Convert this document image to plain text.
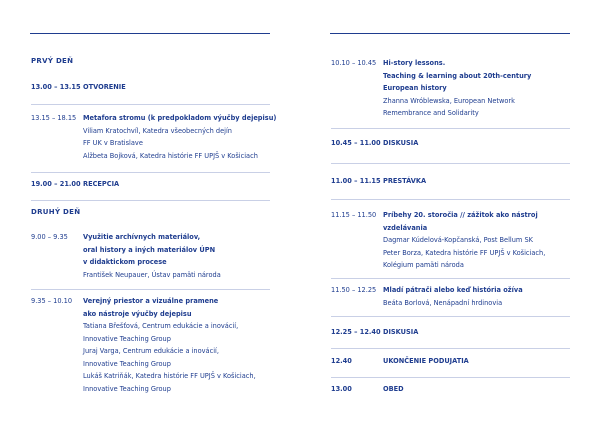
PRVÝ DEŇ
13.00 – 13.15 OTVORENIE
13.15 – 18.15 Metafora stromu (k predpokladom výučby dejepisu)
Viliam Kratochvíl, Katedra všeobecných dejín
FF UK v Bratislave
Alžbeta Bojková, Katedra histórie FF UPJŠ v Košiciach
19.00 – 21.00 RECEPCIA
DRUHÝ DEŇ
9.00 – 9.35 Využitie archívnych materiálov,
oral history a iných materiálov ÚPN
v didaktickom procese
František Neupauer, Ústav pamäti národa
9.35 – 10.10 Verejný priestor a vizuálne pramene
ako nástroje výučby dejepisu
Tatiana Břešťová, Centrum edukácie a inovácií,
Innovative Teaching Group
Juraj Varga, Centrum edukácie a inovácií,
Innovative Teaching Group
Lukáš Katriňák, Katedra histórie FF UPJŠ v Košiciach,
Innovative Teaching Group
10.10 – 10.45 Hi-story lessons.
Teaching & learning about 20th-century
European history
Zhanna Wróblewska, European Network
Remembrance and Solidarity
10.45 – 11.00 DISKUSIA
11.00 – 11.15 PRESTÁVKA
11.15 – 11.50 Príbehy 20. storočia // zážitok ako nástroj
vzdelávania
Dagmar Kúdelová-Kopčanská, Post Bellum SK
Peter Borza, Katedra histórie FF UPJŠ v Košiciach,
Kolégium pamäti národa
11.50 – 12.25 Mladí pátrači alebo keď história ožíva
Beáta Borlová, Nenápadní hrdinovia
12.25 – 12.40 DISKUSIA
12.40	UKONČENIE PODUJATIA
13.00	OBED
